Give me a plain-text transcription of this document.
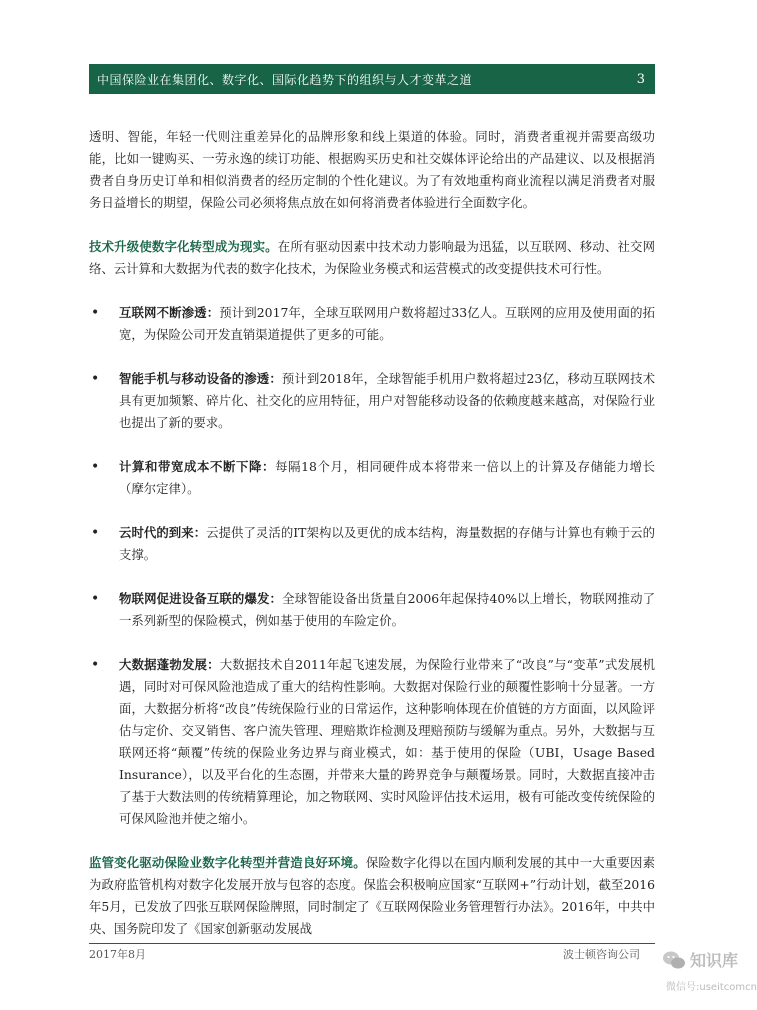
中国保险业在集团化、数字化、国际化趋势下的组织与人才变革之道	3

透明、智能，年轻一代则注重差异化的品牌形象和线上渠道的体验。同时，消费者重视并需要高级功能，比如一键购买、一劳永逸的续订功能、根据购买历史和社交媒体评论给出的产品建议、以及根据消费者自身历史订单和相似消费者的经历定制的个性化建议。为了有效地重构商业流程以满足消费者对服务日益增长的期望，保险公司必须将焦点放在如何将消费者体验进行全面数字化。

技术升级使数字化转型成为现实。在所有驱动因素中技术动力影响最为迅猛，以互联网、移动、社交网络、云计算和大数据为代表的数字化技术，为保险业务模式和运营模式的改变提供技术可行性。

• 互联网不断渗透：预计到2017年，全球互联网用户数将超过33亿人。互联网的应用及使用面的拓宽，为保险公司开发直销渠道提供了更多的可能。
• 智能手机与移动设备的渗透：预计到2018年，全球智能手机用户数将超过23亿，移动互联网技术具有更加频繁、碎片化、社交化的应用特征，用户对智能移动设备的依赖度越来越高，对保险行业也提出了新的要求。
• 计算和带宽成本不断下降：每隔18个月，相同硬件成本将带来一倍以上的计算及存储能力增长（摩尔定律）。
• 云时代的到来：云提供了灵活的IT架构以及更优的成本结构，海量数据的存储与计算也有赖于云的支撑。
• 物联网促进设备互联的爆发：全球智能设备出货量自2006年起保持40%以上增长，物联网推动了一系列新型的保险模式，例如基于使用的车险定价。
• 大数据蓬勃发展：大数据技术自2011年起飞速发展，为保险行业带来了“改良”与“变革”式发展机遇，同时对可保风险池造成了重大的结构性影响。大数据对保险行业的颠覆性影响十分显著。一方面，大数据分析将“改良”传统保险行业的日常运作，这种影响体现在价值链的方方面面，以风险评估与定价、交叉销售、客户流失管理、理赔欺诈检测及理赔预防与缓解为重点。另外，大数据与互联网还将“颠覆”传统的保险业务边界与商业模式，如：基于使用的保险（UBI，Usage Based Insurance），以及平台化的生态圈，并带来大量的跨界竞争与颠覆场景。同时，大数据直接冲击了基于大数法则的传统精算理论，加之物联网、实时风险评估技术运用，极有可能改变传统保险的可保风险池并使之缩小。

监管变化驱动保险业数字化转型并营造良好环境。保险数字化得以在国内顺利发展的其中一大重要因素为政府监管机构对数字化发展开放与包容的态度。保监会积极响应国家“互联网+”行动计划，截至2016年5月，已发放了四张互联网保险牌照，同时制定了《互联网保险业务管理暂行办法》。2016年，中共中央、国务院印发了《国家创新驱动发展战

2017年8月	波士顿咨询公司	知识库
微信号:useitcomcn
